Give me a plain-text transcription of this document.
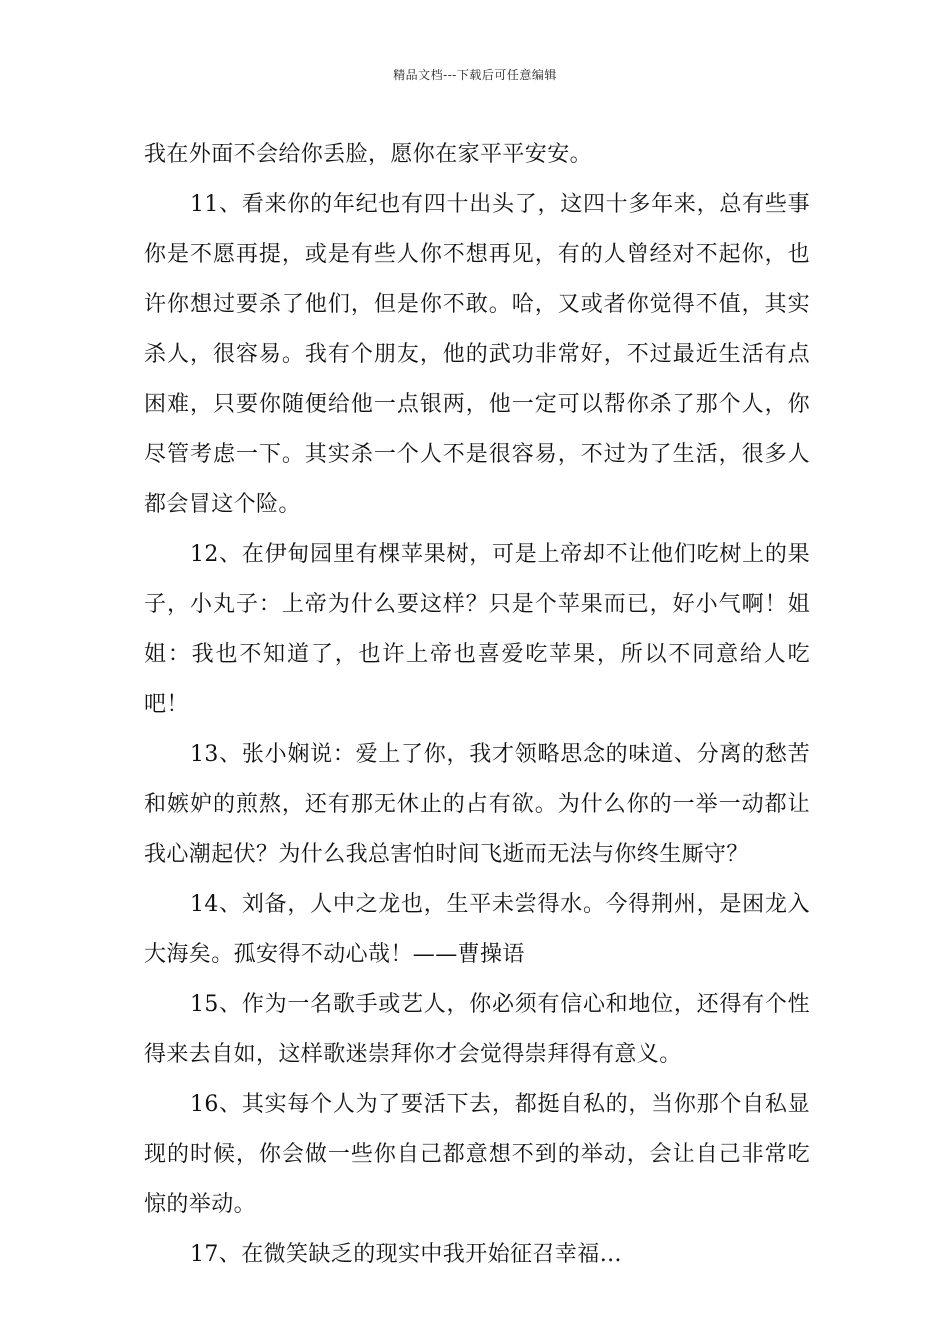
精品文档---下载后可任意编辑

我在外面不会给你丢脸，愿你在家平平安安。

11、看来你的年纪也有四十出头了，这四十多年来，总有些事你是不愿再提，或是有些人你不想再见，有的人曾经对不起你，也许你想过要杀了他们，但是你不敢。哈，又或者你觉得不值，其实杀人，很容易。我有个朋友，他的武功非常好，不过最近生活有点困难，只要你随便给他一点银两，他一定可以帮你杀了那个人，你尽管考虑一下。其实杀一个人不是很容易，不过为了生活，很多人都会冒这个险。

12、在伊甸园里有棵苹果树，可是上帝却不让他们吃树上的果子，小丸子：上帝为什么要这样？只是个苹果而已，好小气啊！姐姐：我也不知道了，也许上帝也喜爱吃苹果，所以不同意给人吃吧！

13、张小娴说：爱上了你，我才领略思念的味道、分离的愁苦和嫉妒的煎熬，还有那无休止的占有欲。为什么你的一举一动都让我心潮起伏？为什么我总害怕时间飞逝而无法与你终生厮守？

14、刘备，人中之龙也，生平未尝得水。今得荆州，是困龙入大海矣。孤安得不动心哉！——曹操语

15、作为一名歌手或艺人，你必须有信心和地位，还得有个性得来去自如，这样歌迷崇拜你才会觉得崇拜得有意义。

16、其实每个人为了要活下去，都挺自私的，当你那个自私显现的时候，你会做一些你自己都意想不到的举动，会让自己非常吃惊的举动。

17、在微笑缺乏的现实中我开始征召幸福…
